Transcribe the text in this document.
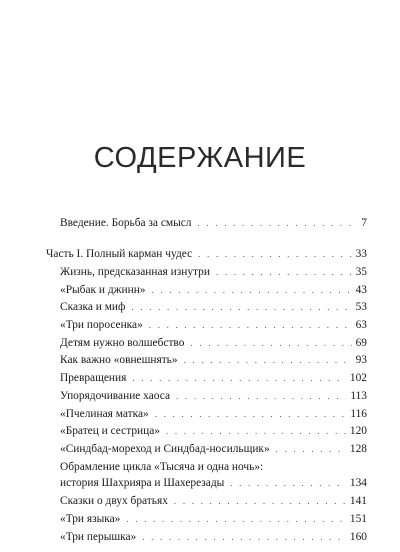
СОДЕРЖАНИЕ
Введение. Борьба за смысл . . .	7
Часть I. Полный карман чудес . . .	33
Жизнь, предсказанная изнутри . . .	35
«Рыбак и джинн» . . .	43
Сказка и миф . . .	53
«Три поросенка» . . .	63
Детям нужно волшебство . . .	69
Как важно «овнешнять» . . .	93
Превращения . . .	102
Упорядочивание хаоса . . .	113
«Пчелиная матка» . . .	116
«Братец и сестрица» . . .	120
«Синдбад-мореход и Синдбад-носильщик» . . .	128
Обрамление цикла «Тысяча и одна ночь»:
история Шахрияра и Шахерезады . . .	134
Сказки о двух братьях . . .	141
«Три языка» . . .	151
«Три перышка» . . .	160
